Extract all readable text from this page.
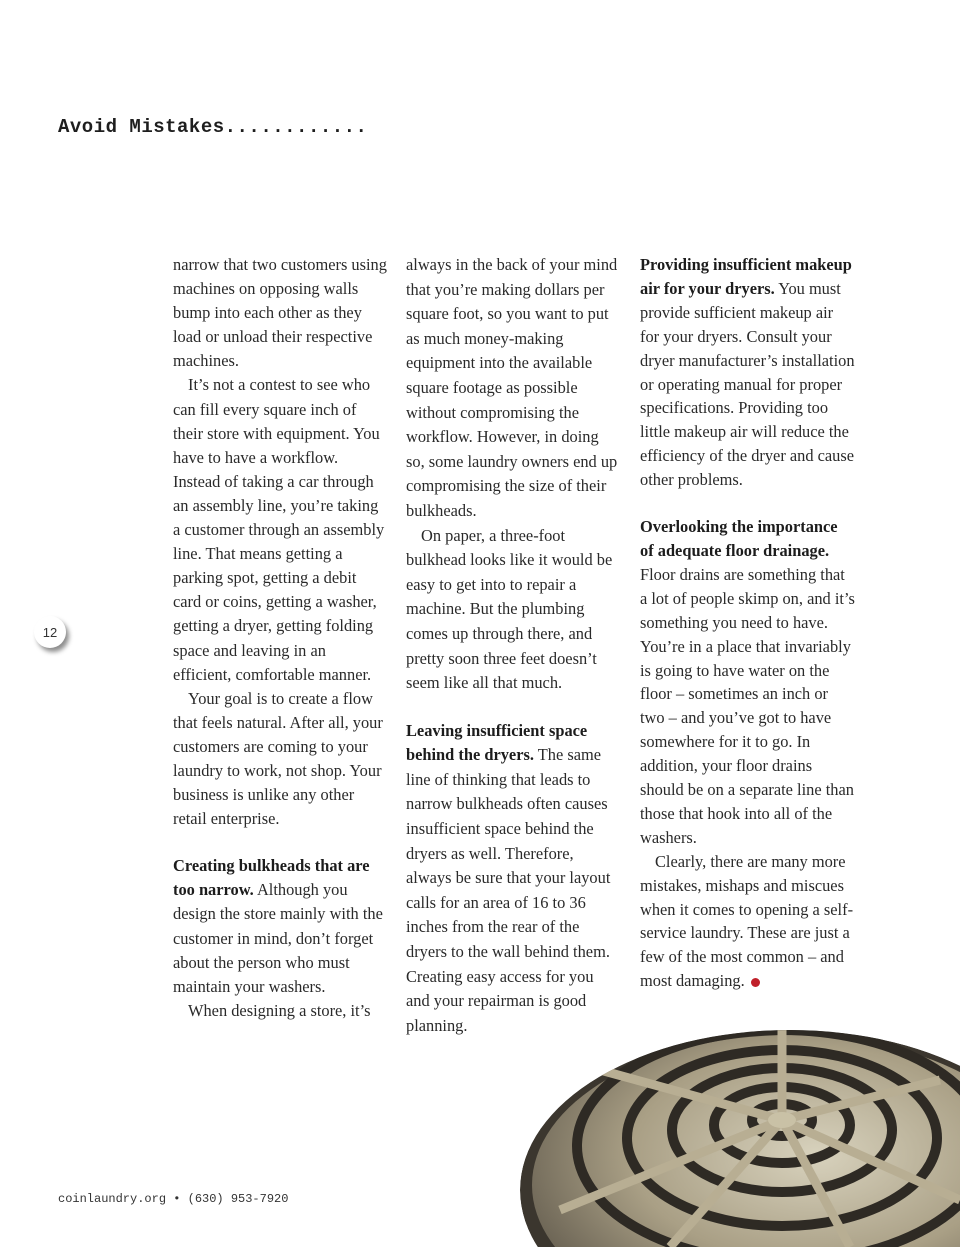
Avoid Mistakes............
12

narrow that two customers using machines on opposing walls bump into each other as they load or unload their respective machines.

It’s not a contest to see who can fill every square inch of their store with equipment. You have to have a workflow. Instead of taking a car through an assembly line, you’re taking a customer through an assembly line. That means getting a parking spot, getting a debit card or coins, getting a washer, getting a dryer, getting folding space and leaving in an efficient, comfortable manner.

Your goal is to create a flow that feels natural. After all, your customers are coming to your laundry to work, not shop. Your business is unlike any other retail enterprise.

Creating bulkheads that are too narrow. Although you design the store mainly with the customer in mind, don’t forget about the person who must maintain your washers.

When designing a store, it’s

always in the back of your mind that you’re making dollars per square foot, so you want to put as much money-making equipment into the available square footage as possible without compromising the workflow. However, in doing so, some laundry owners end up compromising the size of their bulkheads.

On paper, a three-foot bulkhead looks like it would be easy to get into to repair a machine. But the plumbing comes up through there, and pretty soon three feet doesn’t seem like all that much.

Leaving insufficient space behind the dryers. The same line of thinking that leads to narrow bulkheads often causes insufficient space behind the dryers as well. Therefore, always be sure that your layout calls for an area of 16 to 36 inches from the rear of the dryers to the wall behind them. Creating easy access for you and your repairman is good planning.

Providing insufficient makeup air for your dryers. You must provide sufficient makeup air for your dryers. Consult your dryer manufacturer’s installation or operating manual for proper specifications. Providing too little makeup air will reduce the efficiency of the dryer and cause other problems.

Overlooking the importance of adequate floor drainage. Floor drains are something that a lot of people skimp on, and it’s something you need to have. You’re in a place that invariably is going to have water on the floor – sometimes an inch or two – and you’ve got to have somewhere for it to go. In addition, your floor drains should be on a separate line than those that hook into all of the washers.

Clearly, there are many more mistakes, mishaps and miscues when it comes to opening a self-service laundry. These are just a few of the most common – and most damaging.

coinlaundry.org • (630) 953-7920
